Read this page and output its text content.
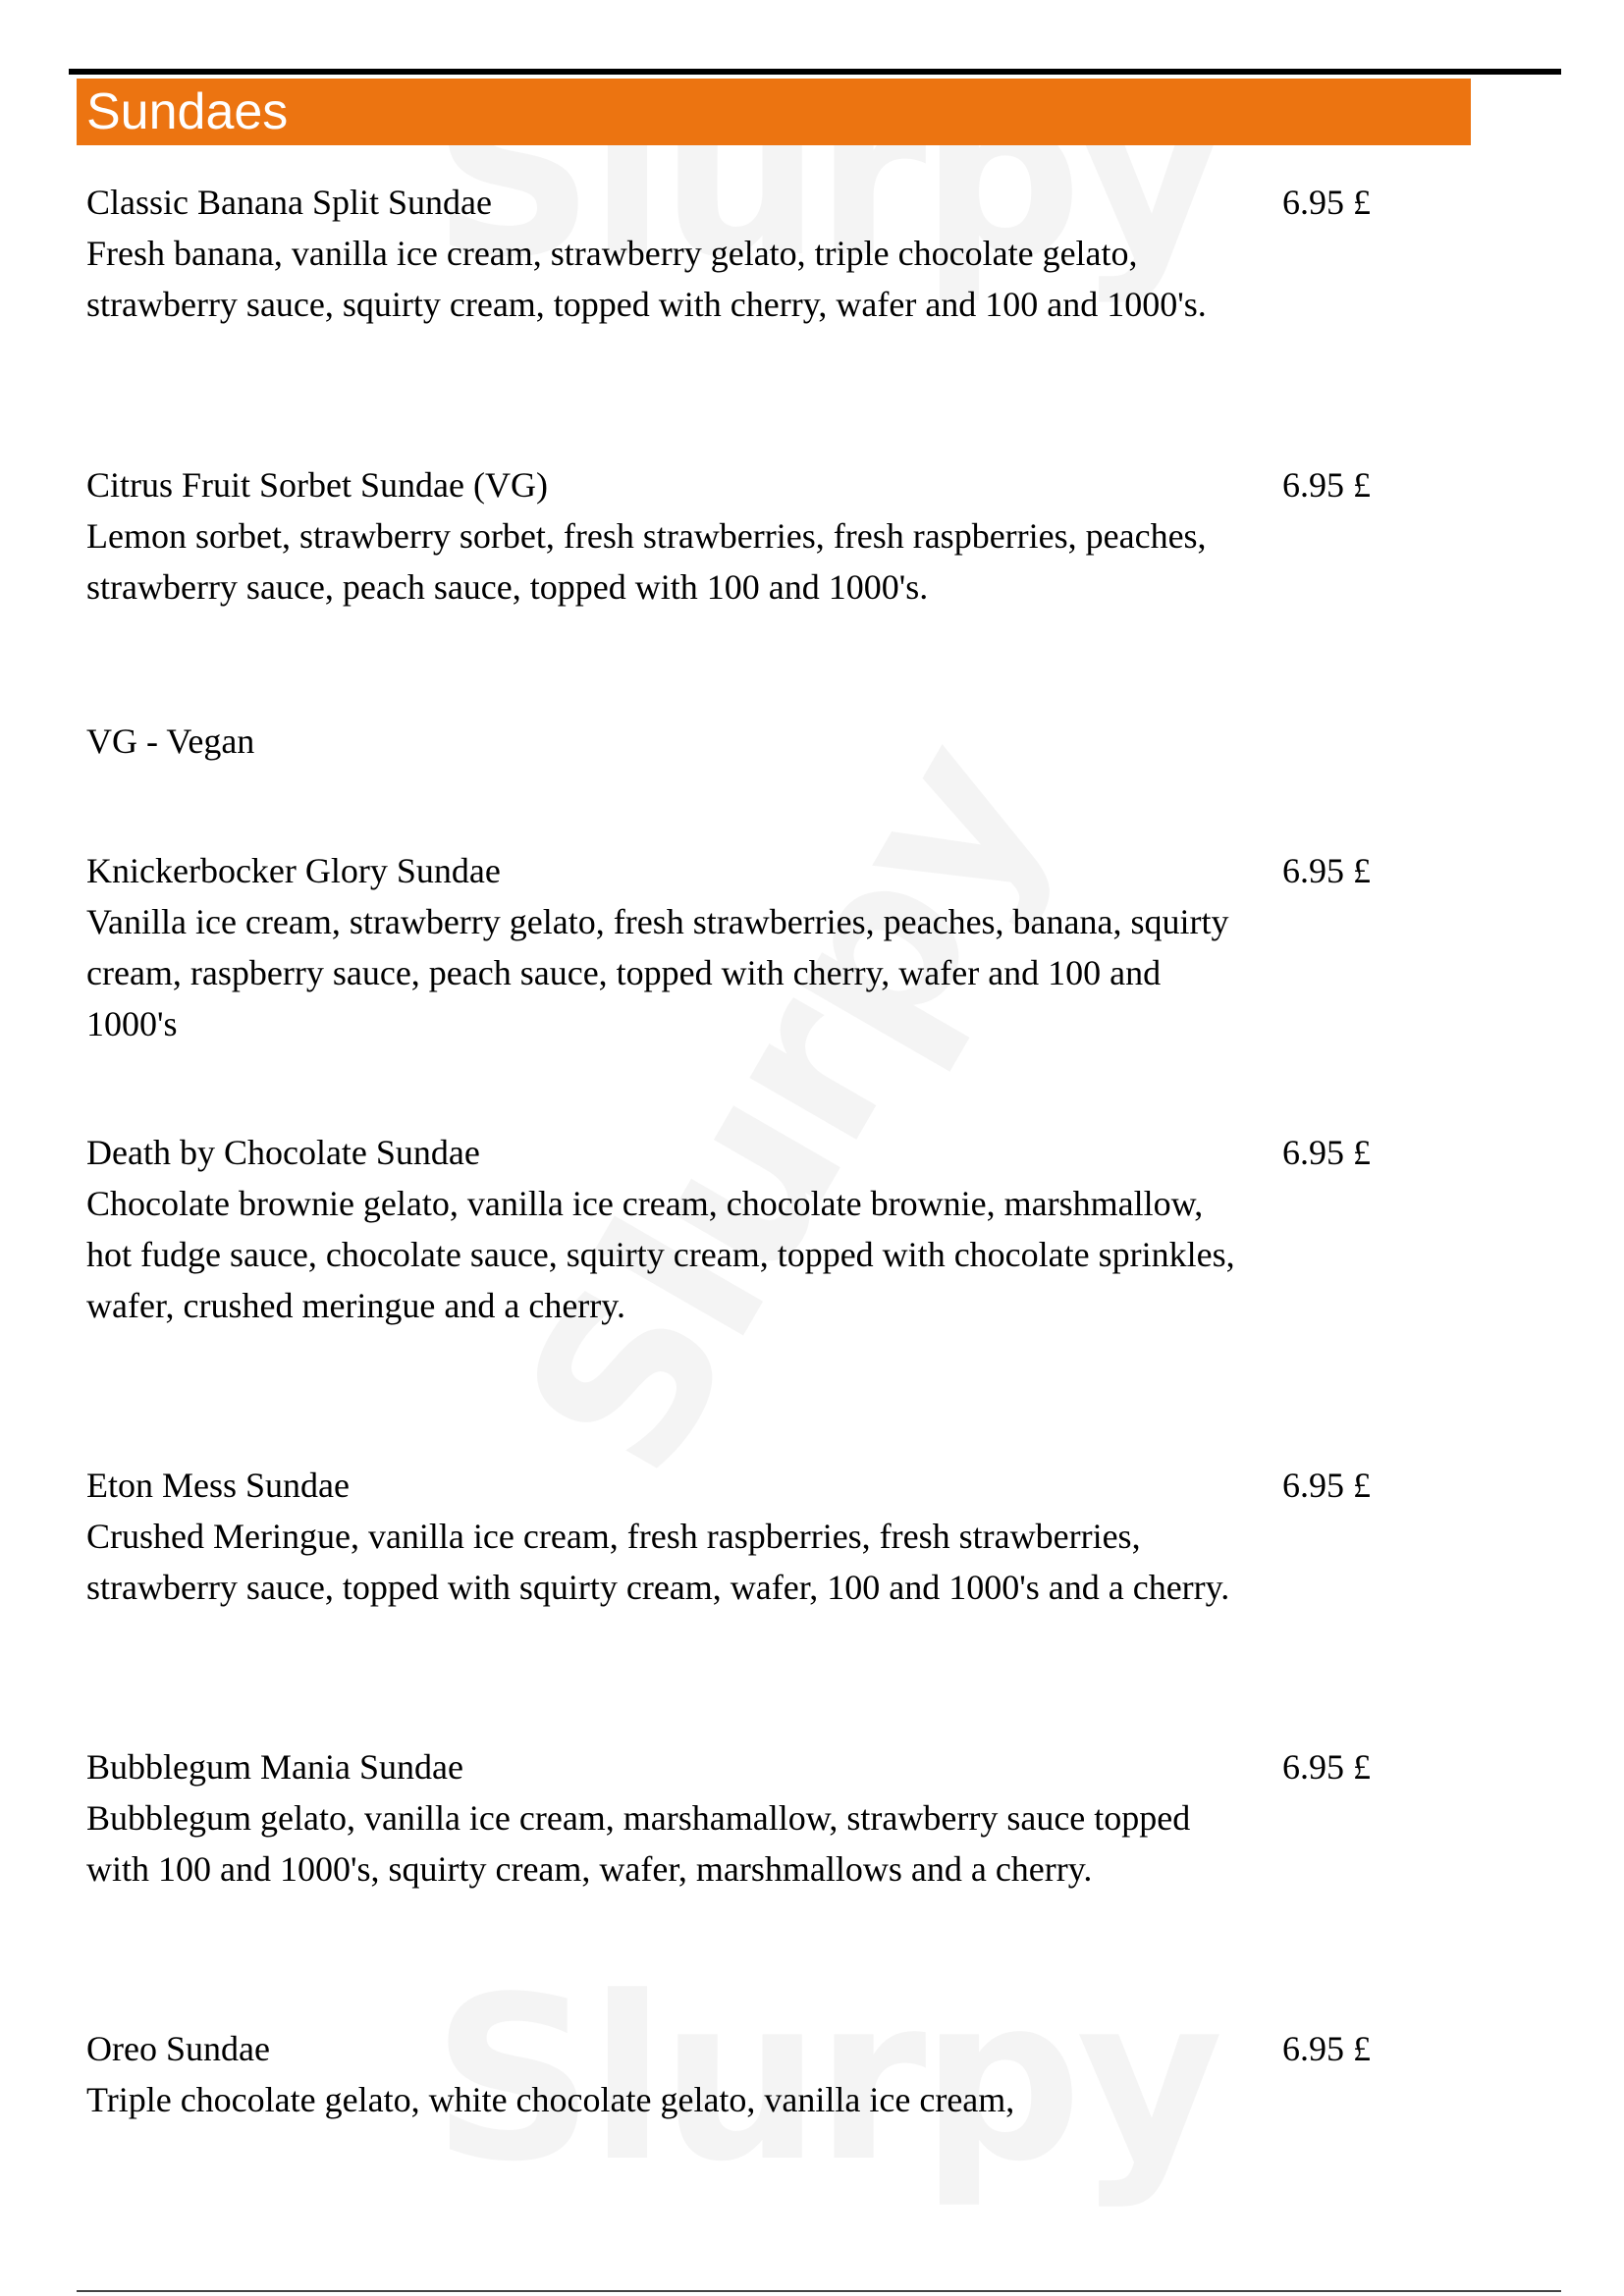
Sundaes
Classic Banana Split Sundae
Fresh banana, vanilla ice cream, strawberry gelato, triple chocolate gelato, strawberry sauce, squirty cream, topped with cherry, wafer and 100 and 1000's.
6.95 £
Citrus Fruit Sorbet Sundae (VG)
Lemon sorbet, strawberry sorbet, fresh strawberries, fresh raspberries, peaches, strawberry sauce, peach sauce, topped with 100 and 1000's.
6.95 £
VG - Vegan
Knickerbocker Glory Sundae
Vanilla ice cream, strawberry gelato, fresh strawberries, peaches, banana, squirty cream, raspberry sauce, peach sauce, topped with cherry, wafer and 100 and 1000's
6.95 £
Death by Chocolate Sundae
Chocolate brownie gelato, vanilla ice cream, chocolate brownie, marshmallow, hot fudge sauce, chocolate sauce, squirty cream, topped with chocolate sprinkles, wafer, crushed meringue and a cherry.
6.95 £
Eton Mess Sundae
Crushed Meringue, vanilla ice cream, fresh raspberries, fresh strawberries, strawberry sauce, topped with squirty cream, wafer, 100 and 1000's and a cherry.
6.95 £
Bubblegum Mania Sundae
Bubblegum gelato, vanilla ice cream, marshamallow, strawberry sauce topped with 100 and 1000's, squirty cream, wafer, marshmallows and a cherry.
6.95 £
Oreo Sundae
Triple chocolate gelato, white chocolate gelato, vanilla ice cream,
6.95 £
